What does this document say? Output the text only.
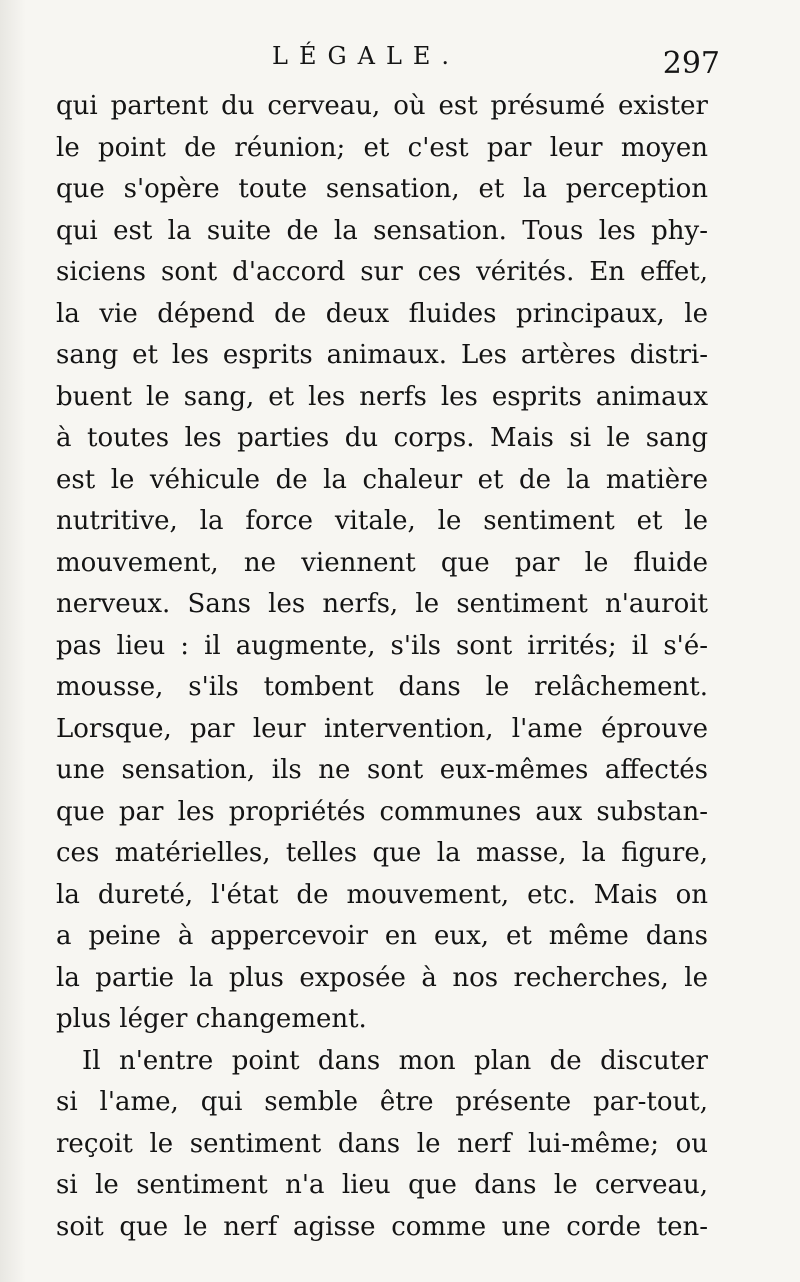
LÉGALE.	297
qui partent du cerveau, où est présumé exister
le point de réunion; et c'est par leur moyen
que s'opère toute sensation, et la perception
qui est la suite de la sensation. Tous les phy-
siciens sont d'accord sur ces vérités. En effet,
la vie dépend de deux fluides principaux, le
sang et les esprits animaux. Les artères distri-
buent le sang, et les nerfs les esprits animaux
à toutes les parties du corps. Mais si le sang
est le véhicule de la chaleur et de la matière
nutritive, la force vitale, le sentiment et le
mouvement, ne viennent que par le fluide
nerveux. Sans les nerfs, le sentiment n'auroit
pas lieu : il augmente, s'ils sont irrités; il s'é-
mousse, s'ils tombent dans le relâchement.
Lorsque, par leur intervention, l'ame éprouve
une sensation, ils ne sont eux-mêmes affectés
que par les propriétés communes aux substan-
ces matérielles, telles que la masse, la figure,
la dureté, l'état de mouvement, etc. Mais on
a peine à appercevoir en eux, et même dans
la partie la plus exposée à nos recherches, le
plus léger changement.
Il n'entre point dans mon plan de discuter
si l'ame, qui semble être présente par-tout,
reçoit le sentiment dans le nerf lui-même; ou
si le sentiment n'a lieu que dans le cerveau,
soit que le nerf agisse comme une corde ten-
